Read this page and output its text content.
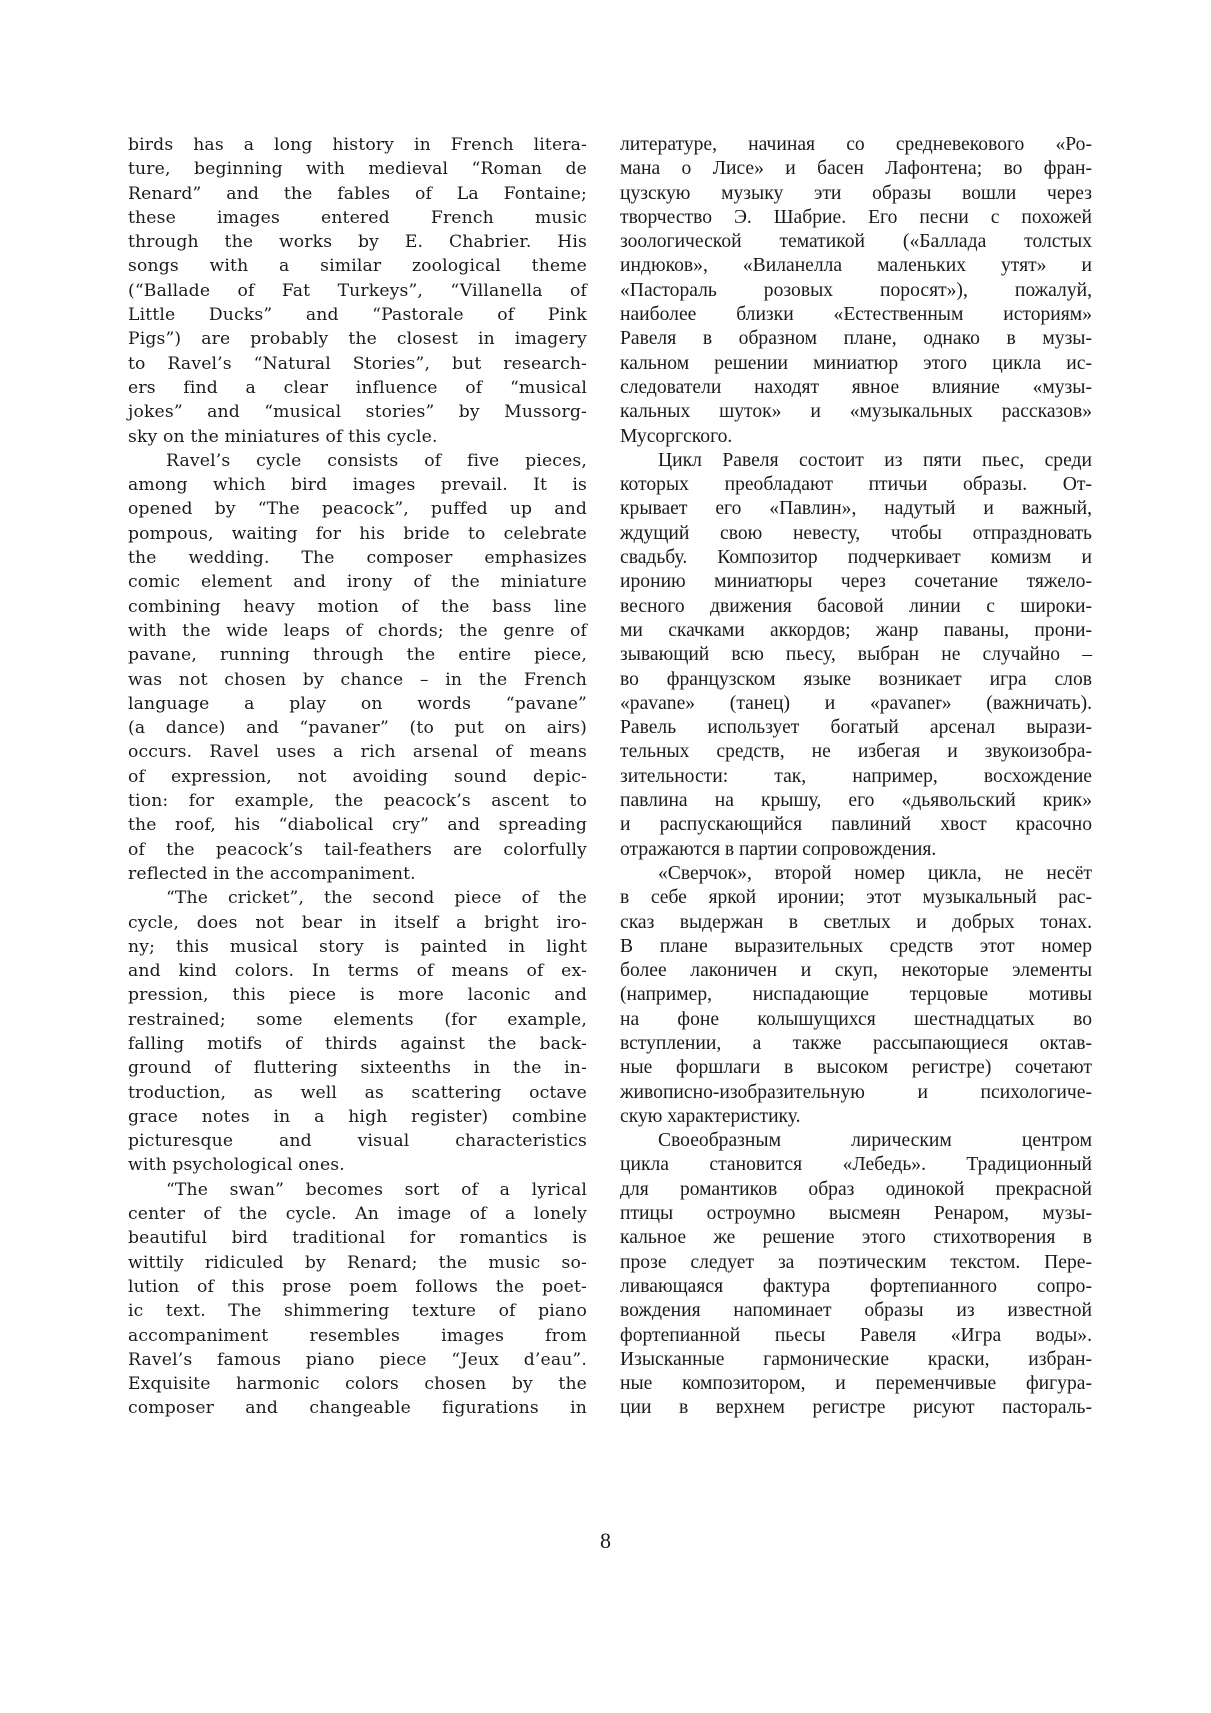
birds has a long history in French litera-
ture, beginning with medieval “Roman de
Renard” and the fables of La Fontaine;
these images entered French music
through the works by E. Chabrier. His
songs with a similar zoological theme
(“Ballade of Fat Turkeys”, “Villanella of
Little Ducks” and “Pastorale of Pink
Pigs”) are probably the closest in imagery
to Ravel’s “Natural Stories”, but research-
ers find a clear influence of “musical
jokes” and “musical stories” by Mussorg-
sky on the miniatures of this cycle.
Ravel’s cycle consists of five pieces,
among which bird images prevail. It is
opened by “The peacock”, puffed up and
pompous, waiting for his bride to celebrate
the wedding. The composer emphasizes
comic element and irony of the miniature
combining heavy motion of the bass line
with the wide leaps of chords; the genre of
pavane, running through the entire piece,
was not chosen by chance – in the French
language a play on words “pavane”
(a dance) and “pavaner” (to put on airs)
occurs. Ravel uses a rich arsenal of means
of expression, not avoiding sound depic-
tion: for example, the peacock’s ascent to
the roof, his “diabolical cry” and spreading
of the peacock’s tail-feathers are colorfully
reflected in the accompaniment.
“The cricket”, the second piece of the
cycle, does not bear in itself a bright iro-
ny; this musical story is painted in light
and kind colors. In terms of means of ex-
pression, this piece is more laconic and
restrained; some elements (for example,
falling motifs of thirds against the back-
ground of fluttering sixteenths in the in-
troduction, as well as scattering octave
grace notes in a high register) combine
picturesque and visual characteristics
with psychological ones.
“The swan” becomes sort of a lyrical
center of the cycle. An image of a lonely
beautiful bird traditional for romantics is
wittily ridiculed by Renard; the music so-
lution of this prose poem follows the poet-
ic text. The shimmering texture of piano
accompaniment resembles images from
Ravel’s famous piano piece “Jeux d’eau”.
Exquisite harmonic colors chosen by the
composer and changeable figurations in
литературе, начиная со средневекового «Ро-
мана о Лисе» и басен Лафонтена; во фран-
цузскую музыку эти образы вошли через
творчество Э. Шабрие. Его песни с похожей
зоологической тематикой («Баллада толстых
индюков», «Виланелла маленьких утят» и
«Пастораль розовых поросят»), пожалуй,
наиболее близки «Естественным историям»
Равеля в образном плане, однако в музы-
кальном решении миниатюр этого цикла ис-
следователи находят явное влияние «музы-
кальных шуток» и «музыкальных рассказов»
Мусоргского.
Цикл Равеля состоит из пяти пьес, среди
которых преобладают птичьи образы. От-
крывает его «Павлин», надутый и важный,
ждущий свою невесту, чтобы отпраздновать
свадьбу. Композитор подчеркивает комизм и
иронию миниатюры через сочетание тяжело-
весного движения басовой линии с широки-
ми скачками аккордов; жанр паваны, прони-
зывающий всю пьесу, выбран не случайно –
во французском языке возникает игра слов
«pavane» (танец) и «pavaner» (важничать).
Равель использует богатый арсенал вырази-
тельных средств, не избегая и звукоизобра-
зительности: так, например, восхождение
павлина на крышу, его «дьявольский крик»
и распускающийся павлиний хвост красочно
отражаются в партии сопровождения.
«Сверчок», второй номер цикла, не несёт
в себе яркой иронии; этот музыкальный рас-
сказ выдержан в светлых и добрых тонах.
В плане выразительных средств этот номер
более лаконичен и скуп, некоторые элементы
(например, ниспадающие терцовые мотивы
на фоне колышущихся шестнадцатых во
вступлении, а также рассыпающиеся октав-
ные форшлаги в высоком регистре) сочетают
живописно-изобразительную и психологиче-
скую характеристику.
Своеобразным лирическим центром
цикла становится «Лебедь». Традиционный
для романтиков образ одинокой прекрасной
птицы остроумно высмеян Ренаром, музы-
кальное же решение этого стихотворения в
прозе следует за поэтическим текстом. Пере-
ливающаяся фактура фортепианного сопро-
вождения напоминает образы из известной
фортепианной пьесы Равеля «Игра воды».
Изысканные гармонические краски, избран-
ные композитором, и переменчивые фигура-
ции в верхнем регистре рисуют пастораль-
8
